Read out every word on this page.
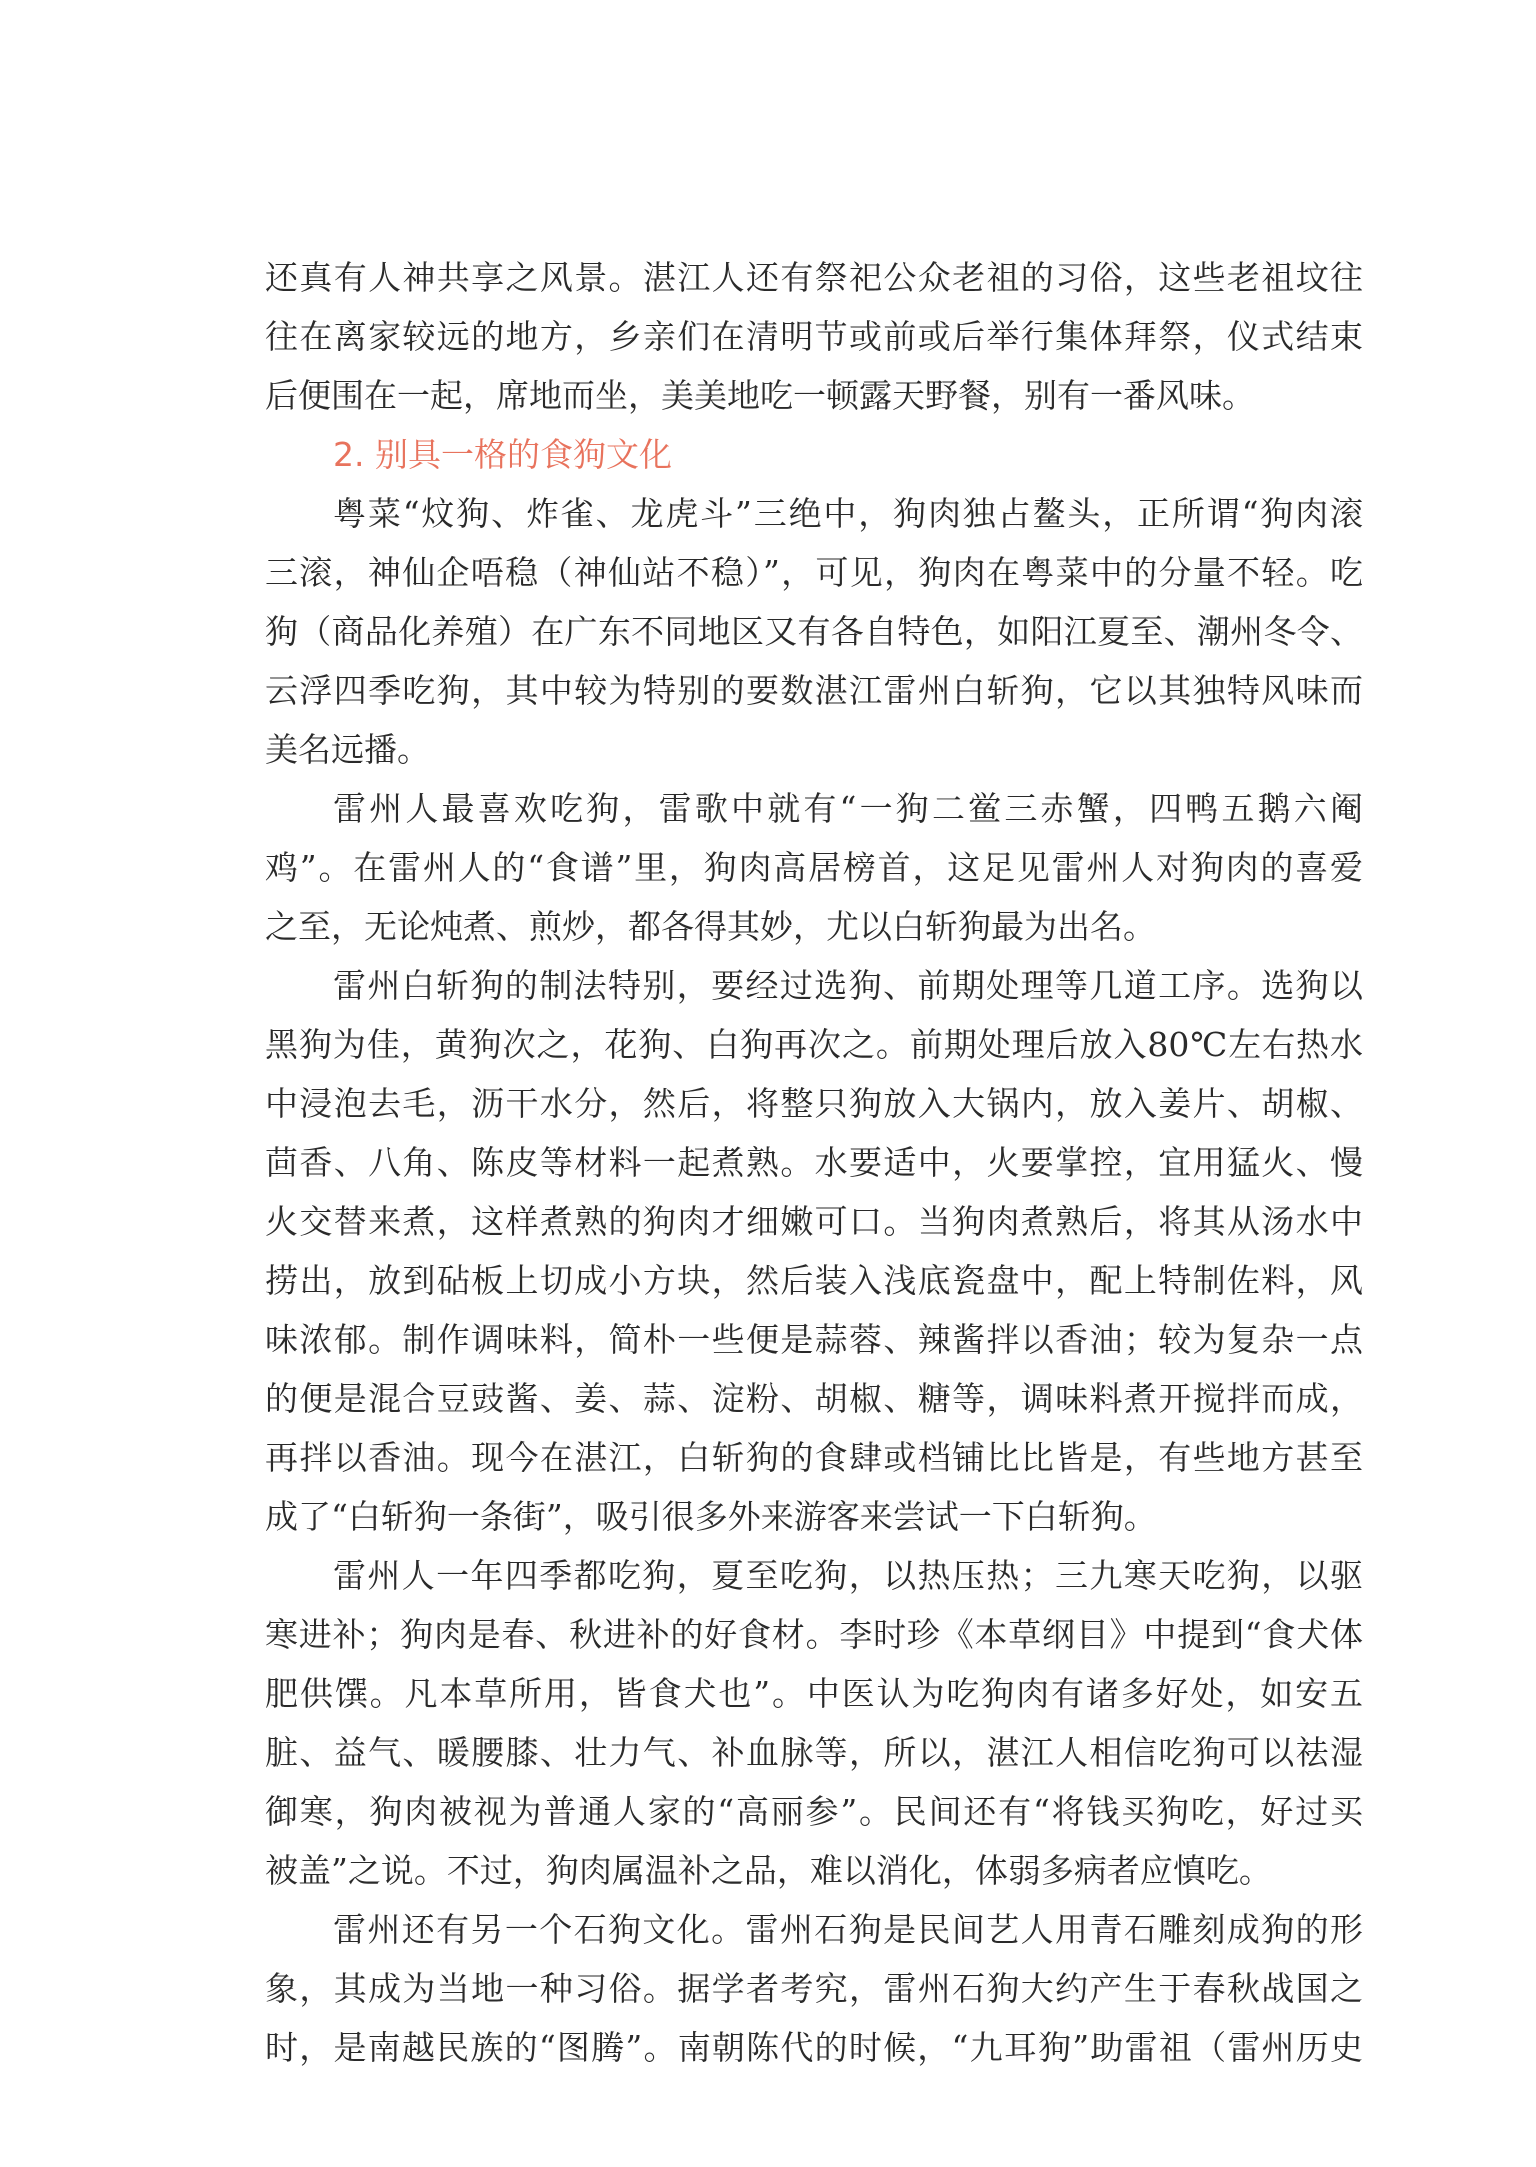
还真有人神共享之风景。湛江人还有祭祀公众老祖的习俗，这些老祖坟往
往在离家较远的地方，乡亲们在清明节或前或后举行集体拜祭，仪式结束
后便围在一起，席地而坐，美美地吃一顿露天野餐，别有一番风味。
2. 别具一格的食狗文化
粤菜“炆狗、炸雀、龙虎斗”三绝中，狗肉独占鳌头，正所谓“狗肉滚
三滚，神仙企唔稳（神仙站不稳）”，可见，狗肉在粤菜中的分量不轻。吃
狗（商品化养殖）在广东不同地区又有各自特色，如阳江夏至、潮州冬令、
云浮四季吃狗，其中较为特别的要数湛江雷州白斩狗，它以其独特风味而
美名远播。
雷州人最喜欢吃狗，雷歌中就有“一狗二鲎三赤蟹，四鸭五鹅六阉
鸡”。在雷州人的“食谱”里，狗肉高居榜首，这足见雷州人对狗肉的喜爱
之至，无论炖煮、煎炒，都各得其妙，尤以白斩狗最为出名。
雷州白斩狗的制法特别，要经过选狗、前期处理等几道工序。选狗以
黑狗为佳，黄狗次之，花狗、白狗再次之。前期处理后放入80℃左右热水
中浸泡去毛，沥干水分，然后，将整只狗放入大锅内，放入姜片、胡椒、
茴香、八角、陈皮等材料一起煮熟。水要适中，火要掌控，宜用猛火、慢
火交替来煮，这样煮熟的狗肉才细嫩可口。当狗肉煮熟后，将其从汤水中
捞出，放到砧板上切成小方块，然后装入浅底瓷盘中，配上特制佐料，风
味浓郁。制作调味料，简朴一些便是蒜蓉、辣酱拌以香油；较为复杂一点
的便是混合豆豉酱、姜、蒜、淀粉、胡椒、糖等，调味料煮开搅拌而成，
再拌以香油。现今在湛江，白斩狗的食肆或档铺比比皆是，有些地方甚至
成了“白斩狗一条街”，吸引很多外来游客来尝试一下白斩狗。
雷州人一年四季都吃狗，夏至吃狗，以热压热；三九寒天吃狗，以驱
寒进补；狗肉是春、秋进补的好食材。李时珍《本草纲目》中提到“食犬体
肥供馔。凡本草所用，皆食犬也”。中医认为吃狗肉有诸多好处，如安五
脏、益气、暖腰膝、壮力气、补血脉等，所以，湛江人相信吃狗可以祛湿
御寒，狗肉被视为普通人家的“高丽参”。民间还有“将钱买狗吃，好过买
被盖”之说。不过，狗肉属温补之品，难以消化，体弱多病者应慎吃。
雷州还有另一个石狗文化。雷州石狗是民间艺人用青石雕刻成狗的形
象，其成为当地一种习俗。据学者考究，雷州石狗大约产生于春秋战国之
时，是南越民族的“图腾”。南朝陈代的时候，“九耳狗”助雷祖（雷州历史
